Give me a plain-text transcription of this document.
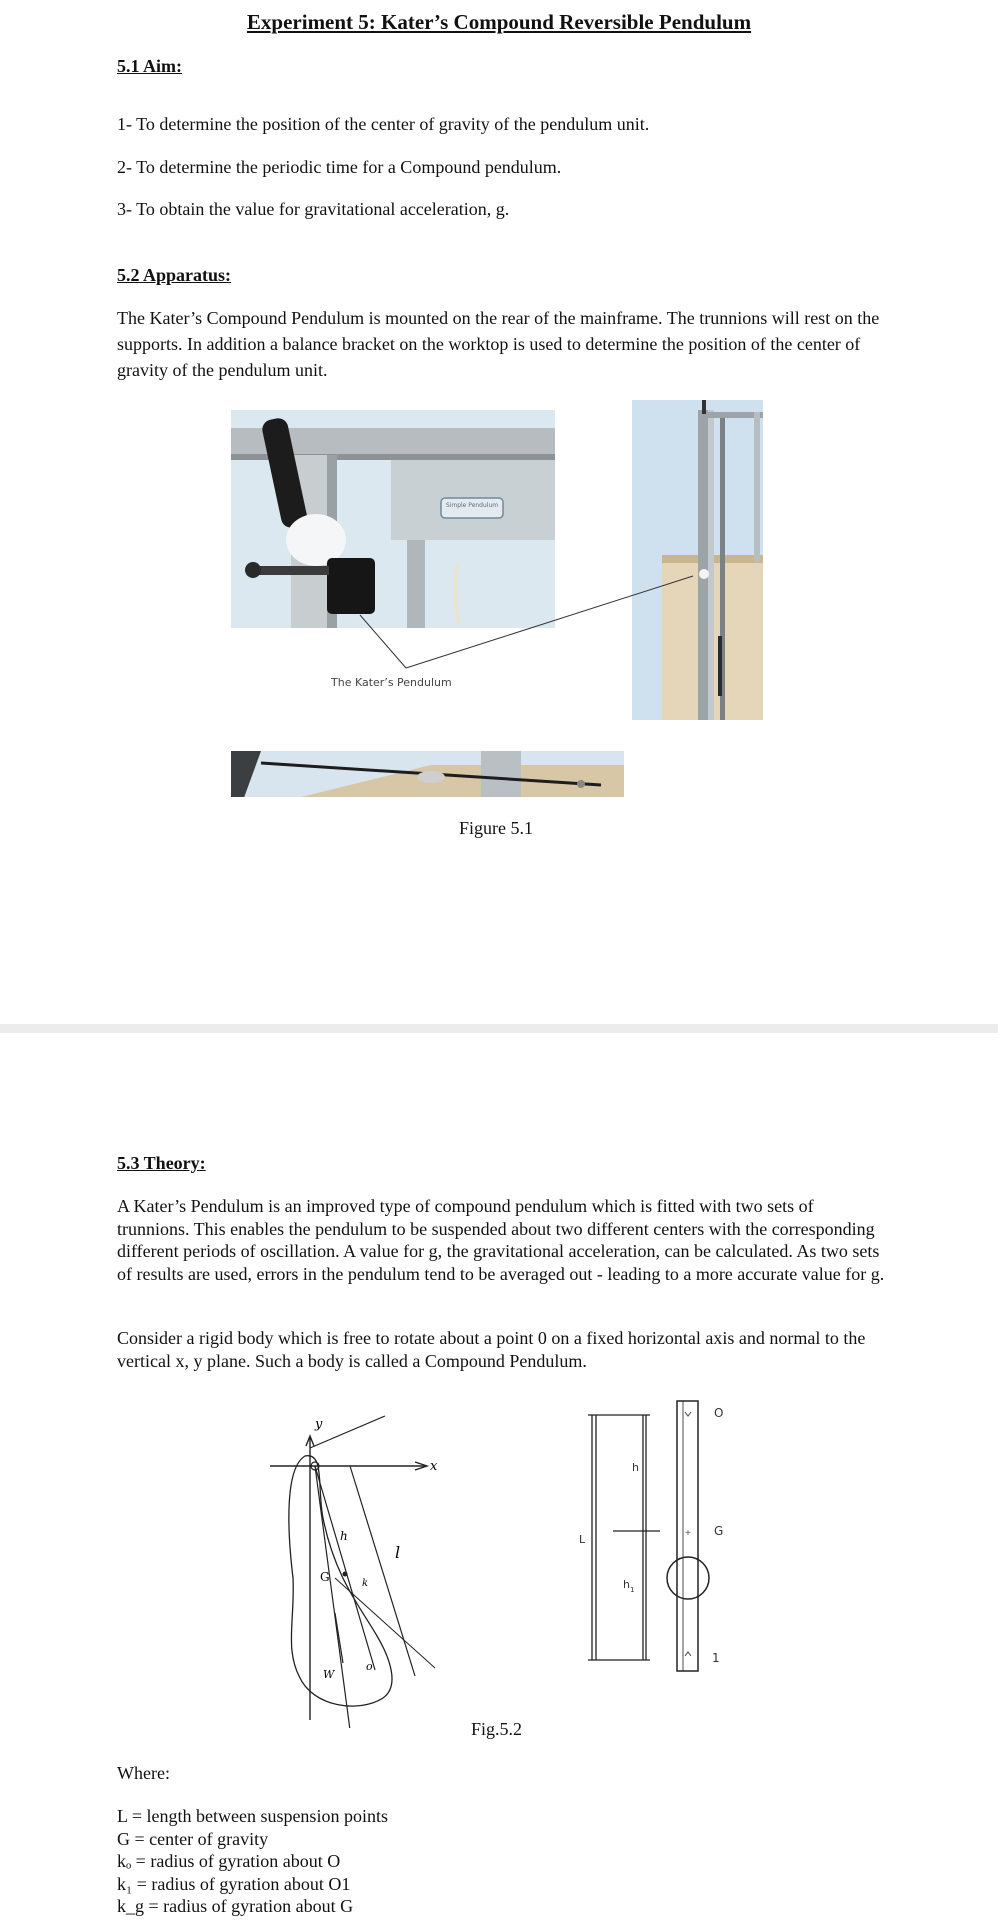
Experiment 5: Kater’s Compound Reversible Pendulum
5.1 Aim:
1- To determine the position of the center of gravity of the pendulum unit.
2- To determine the periodic time for a Compound pendulum.
3- To obtain the value for gravitational acceleration, g.
5.2 Apparatus:
The Kater’s Compound Pendulum is mounted on the rear of the mainframe. The trunnions will rest on the supports. In addition a balance bracket on the worktop is used to determine the position of the center of gravity of the pendulum unit.
Simple Pendulum
The Kater’s Pendulum
Figure 5.1
5.3 Theory:
A Kater’s Pendulum is an improved type of compound pendulum which is fitted with two sets of trunnions. This enables the pendulum to be suspended about two different centers with the corresponding different periods of oscillation. A value for g, the gravitational acceleration, can be calculated. As two sets of results are used, errors in the pendulum tend to be averaged out - leading to a more accurate value for g.
Consider a rigid body which is free to rotate about a point 0 on a fixed horizontal axis and normal to the vertical x, y plane. Such a body is called a Compound Pendulum.
y
x
G
h
k
l
W
o
+
O
G
1
L
h
h 1
Fig.5.2
Where:
L = length between suspension points
G = center of gravity
kₒ = radius of gyration about O
k₁ = radius of gyration about O1
k_g = radius of gyration about G
